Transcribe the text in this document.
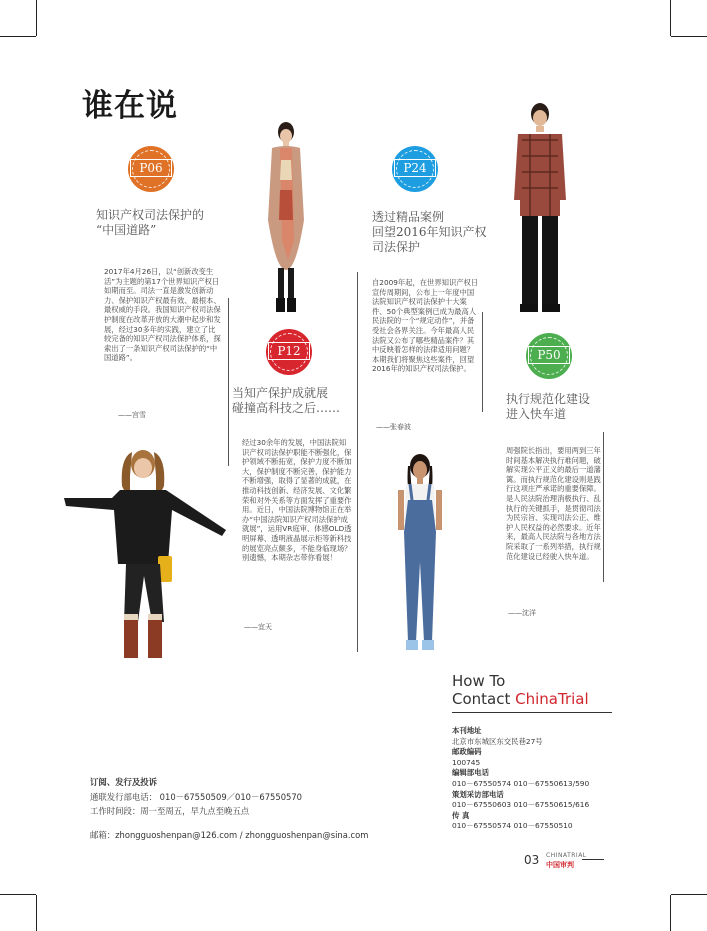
谁在说
P06
知识产权司法保护的
“中国道路”
2017年4月26日，以“创新改变生活”为主题的第17个世界知识产权日如期而至。司法一直是激发创新动力、保护知识产权最有效、最根本、最权威的手段。我国知识产权司法保护制度在改革开放的大潮中起步和发展，经过30多年的实践，建立了比较完备的知识产权司法保护体系，探索出了一条知识产权司法保护的“中国道路”。
——宫雪
P12
当知产保护成就展
碰撞高科技之后……
经过30余年的发展，中国法院知识产权司法保护职能不断强化，保护领域不断拓宽，保护力度不断加大，保护制度不断完善，保护能力不断增强，取得了显著的成就，在推动科技创新、经济发展、文化繁荣和对外关系等方面发挥了重要作用。近日，中国法院博物馆正在举办“中国法院知识产权司法保护成就展”，运用VR庭审、体感OLD透明屏幕、透明液晶展示柜等新科技的展览亮点颇多，不能身临现场？别遗憾，本期杂志带你看展！
——宜天
P24
透过精品案例
回望2016年知识产权
司法保护
自2009年起，在世界知识产权日宣传周期间，公布上一年度中国法院知识产权司法保护十大案件、50个典型案例已成为最高人民法院的一个“规定动作”，并备受社会各界关注。今年最高人民法院又公布了哪些精品案件？其中反映着怎样的法律适用问题？本期我们将聚焦这些案件，回望2016年的知识产权司法保护。
——张春波
P50
执行规范化建设
进入快车道
周强院长指出，要用两到三年时间基本解决执行难问题，破解实现公平正义的最后一道藩篱。而执行规范化建设则是践行这项庄严承诺的重要保障。是人民法院治理消极执行、乱执行的关键抓手，是贯彻司法为民宗旨、实现司法公正、维护人民权益的必然要求。近年来，最高人民法院与各地方法院采取了一系列举措，执行规范化建设已经驶入快车道。
——沈洋
How To
Contact ChinaTrial
本刊地址
北京市东城区东交民巷27号
邮政编码
100745
编辑部电话
010－67550574 010－67550613/590
策划采访部电话
010－67550603 010－67550615/616
传 真
010－67550574 010－67550510
订阅、发行及投诉
通联发行部电话： 010－67550509／010－67550570
工作时间段：周一至周五，早九点至晚五点
邮箱：zhongguoshenpan@126.com / zhongguoshenpan@sina.com
03 CHINATRIAL
中国审判
